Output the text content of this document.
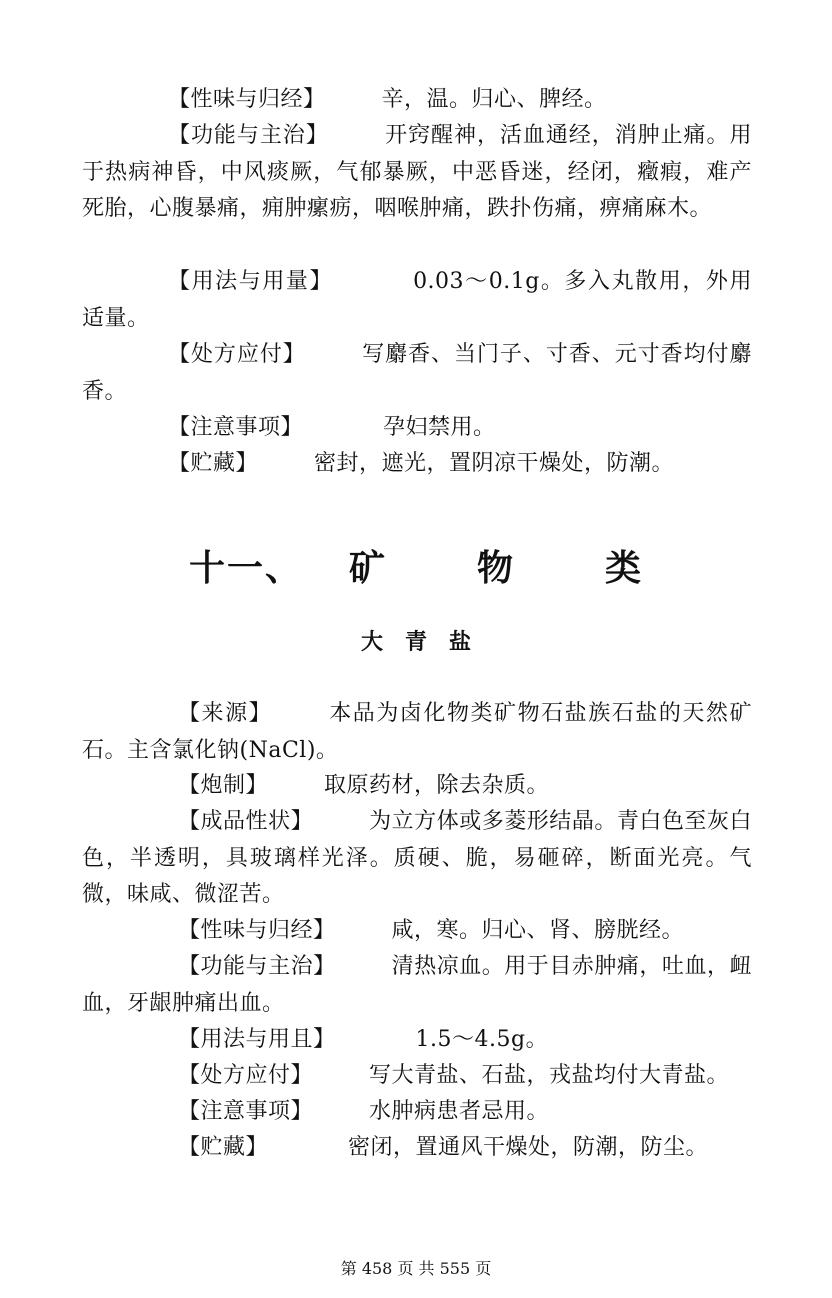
【性味与归经】	辛，温。归心、脾经。

【功能与主治】	开窍醒神，活血通经，消肿止痛。用于热病神昏，中风痰厥，气郁暴厥，中恶昏迷，经闭，癥瘕，难产死胎，心腹暴痛，痈肿瘰疬，咽喉肿痛，跌扑伤痛，痹痛麻木。

【用法与用量】	0.03～0.1g。多入丸散用，外用适量。

【处方应付】	写麝香、当门子、寸香、元寸香均付麝香。

【注意事项】	孕妇禁用。

【贮藏】	密封，遮光，置阴凉干燥处，防潮。

十一、 矿	物	类
大　青　盐

【来源】	本品为卤化物类矿物石盐族石盐的天然矿石。主含氯化钠(NaCl)。

【炮制】	取原药材，除去杂质。

【成品性状】	为立方体或多菱形结晶。青白色至灰白色，半透明，具玻璃样光泽。质硬、脆，易砸碎，断面光亮。气微，味咸、微涩苦。

【性味与归经】	咸，寒。归心、肾、膀胱经。

【功能与主治】	清热凉血。用于目赤肿痛，吐血，衄血，牙龈肿痛出血。

【用法与用且】	1.5～4.5g。

【处方应付】	写大青盐、石盐，戎盐均付大青盐。

【注意事项】	水肿病患者忌用。

【贮藏】	密闭，置通风干燥处，防潮，防尘。

第 458 页 共 555 页
